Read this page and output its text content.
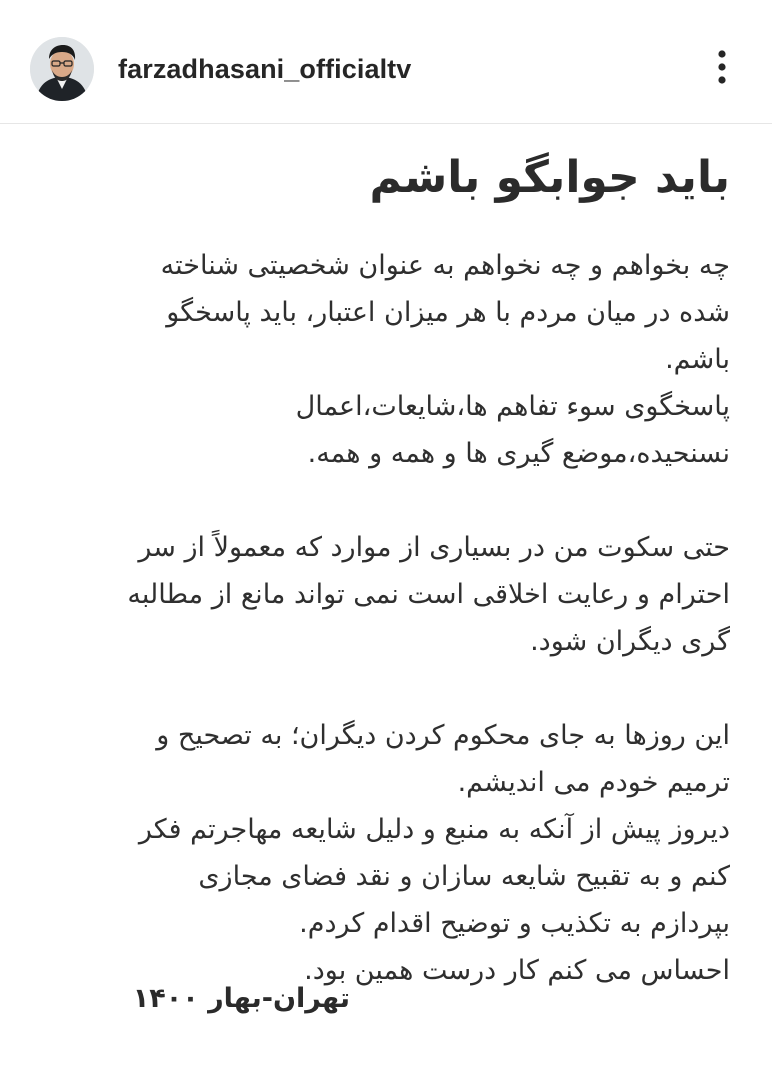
farzadhasani_officialtv
باید جوابگو باشم
چه بخواهم و چه نخواهم به عنوان شخصیتی شناخته
شده در میان مردم با هر میزان اعتبار، باید پاسخگو
باشم.
پاسخگوی سوء تفاهم ها،شایعات،اعمال
نسنحیده،موضع گیری ها و همه و همه.
حتی سکوت من در بسیاری از موارد که معمولاً از سر
احترام و رعایت اخلاقی است نمی تواند مانع از مطالبه
گری دیگران شود.
این روزها به جای محکوم کردن دیگران؛ به تصحیح و
ترمیم خودم می اندیشم.
دیروز پیش از آنکه به منبع و دلیل شایعه مهاجرتم فکر
کنم و به تقبیح شایعه سازان و نقد فضای مجازی
بپردازم به تکذیب و توضیح اقدام کردم.
احساس می کنم کار درست همین بود.
تهران-بهار ۱۴۰۰
